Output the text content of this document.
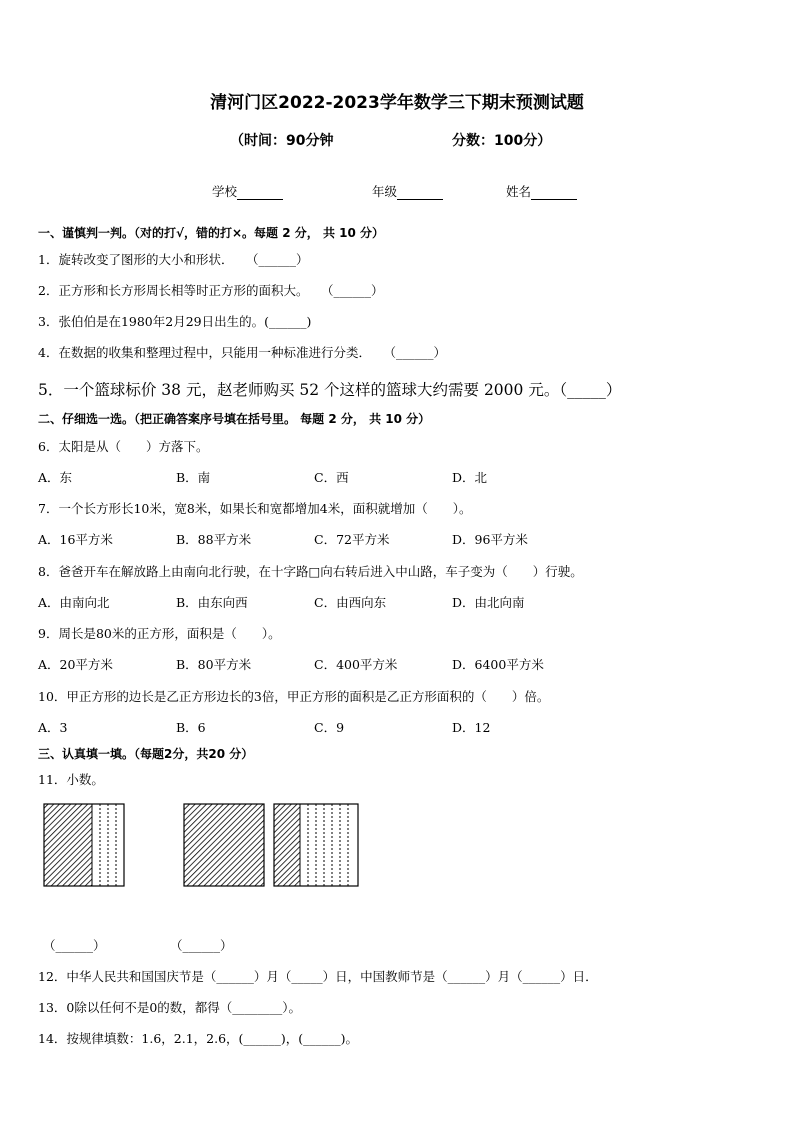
清河门区2022-2023学年数学三下期末预测试题
（时间：90分钟	分数：100分）
学校	年级	姓名
一、谨慎判一判。（对的打√，错的打×。每题 2 分， 共 10 分）
1．旋转改变了图形的大小和形状．　　（______）
2．正方形和长方形周长相等时正方形的面积大。　　（______）
3．张伯伯是在1980年2月29日出生的。(______)
4．在数据的收集和整理过程中，只能用一种标准进行分类．　　（______）
5．一个篮球标价 38 元，赵老师购买 52 个这样的篮球大约需要 2000 元。（_____）
二、仔细选一选。（把正确答案序号填在括号里。 每题 2 分， 共 10 分）
6．太阳是从（　　）方落下。
A．东	B．南	C．西	D．北
7．一个长方形长10米，宽8米，如果长和宽都增加4米，面积就增加（　　）。
A．16平方米	B．88平方米	C．72平方米	D．96平方米
8．爸爸开车在解放路上由南向北行驶，在十字路□向右转后进入中山路，车子变为（　　）行驶。
A．由南向北	B．由东向西	C．由西向东	D．由北向南
9．周长是80米的正方形，面积是（　　）。
A．20平方米	B．80平方米	C．400平方米	D．6400平方米
10．甲正方形的边长是乙正方形边长的3倍，甲正方形的面积是乙正方形面积的（　　）倍。
A．3	B．6	C．9	D．12
三、认真填一填。（每题2分，共20 分）
11．小数。
（______）	（______）
12．中华人民共和国国庆节是（______）月（_____）日，中国教师节是（______）月（______）日．
13．0除以任何不是0的数，都得（________）。
14．按规律填数：1.6，2.1，2.6，(______)，(______)。
